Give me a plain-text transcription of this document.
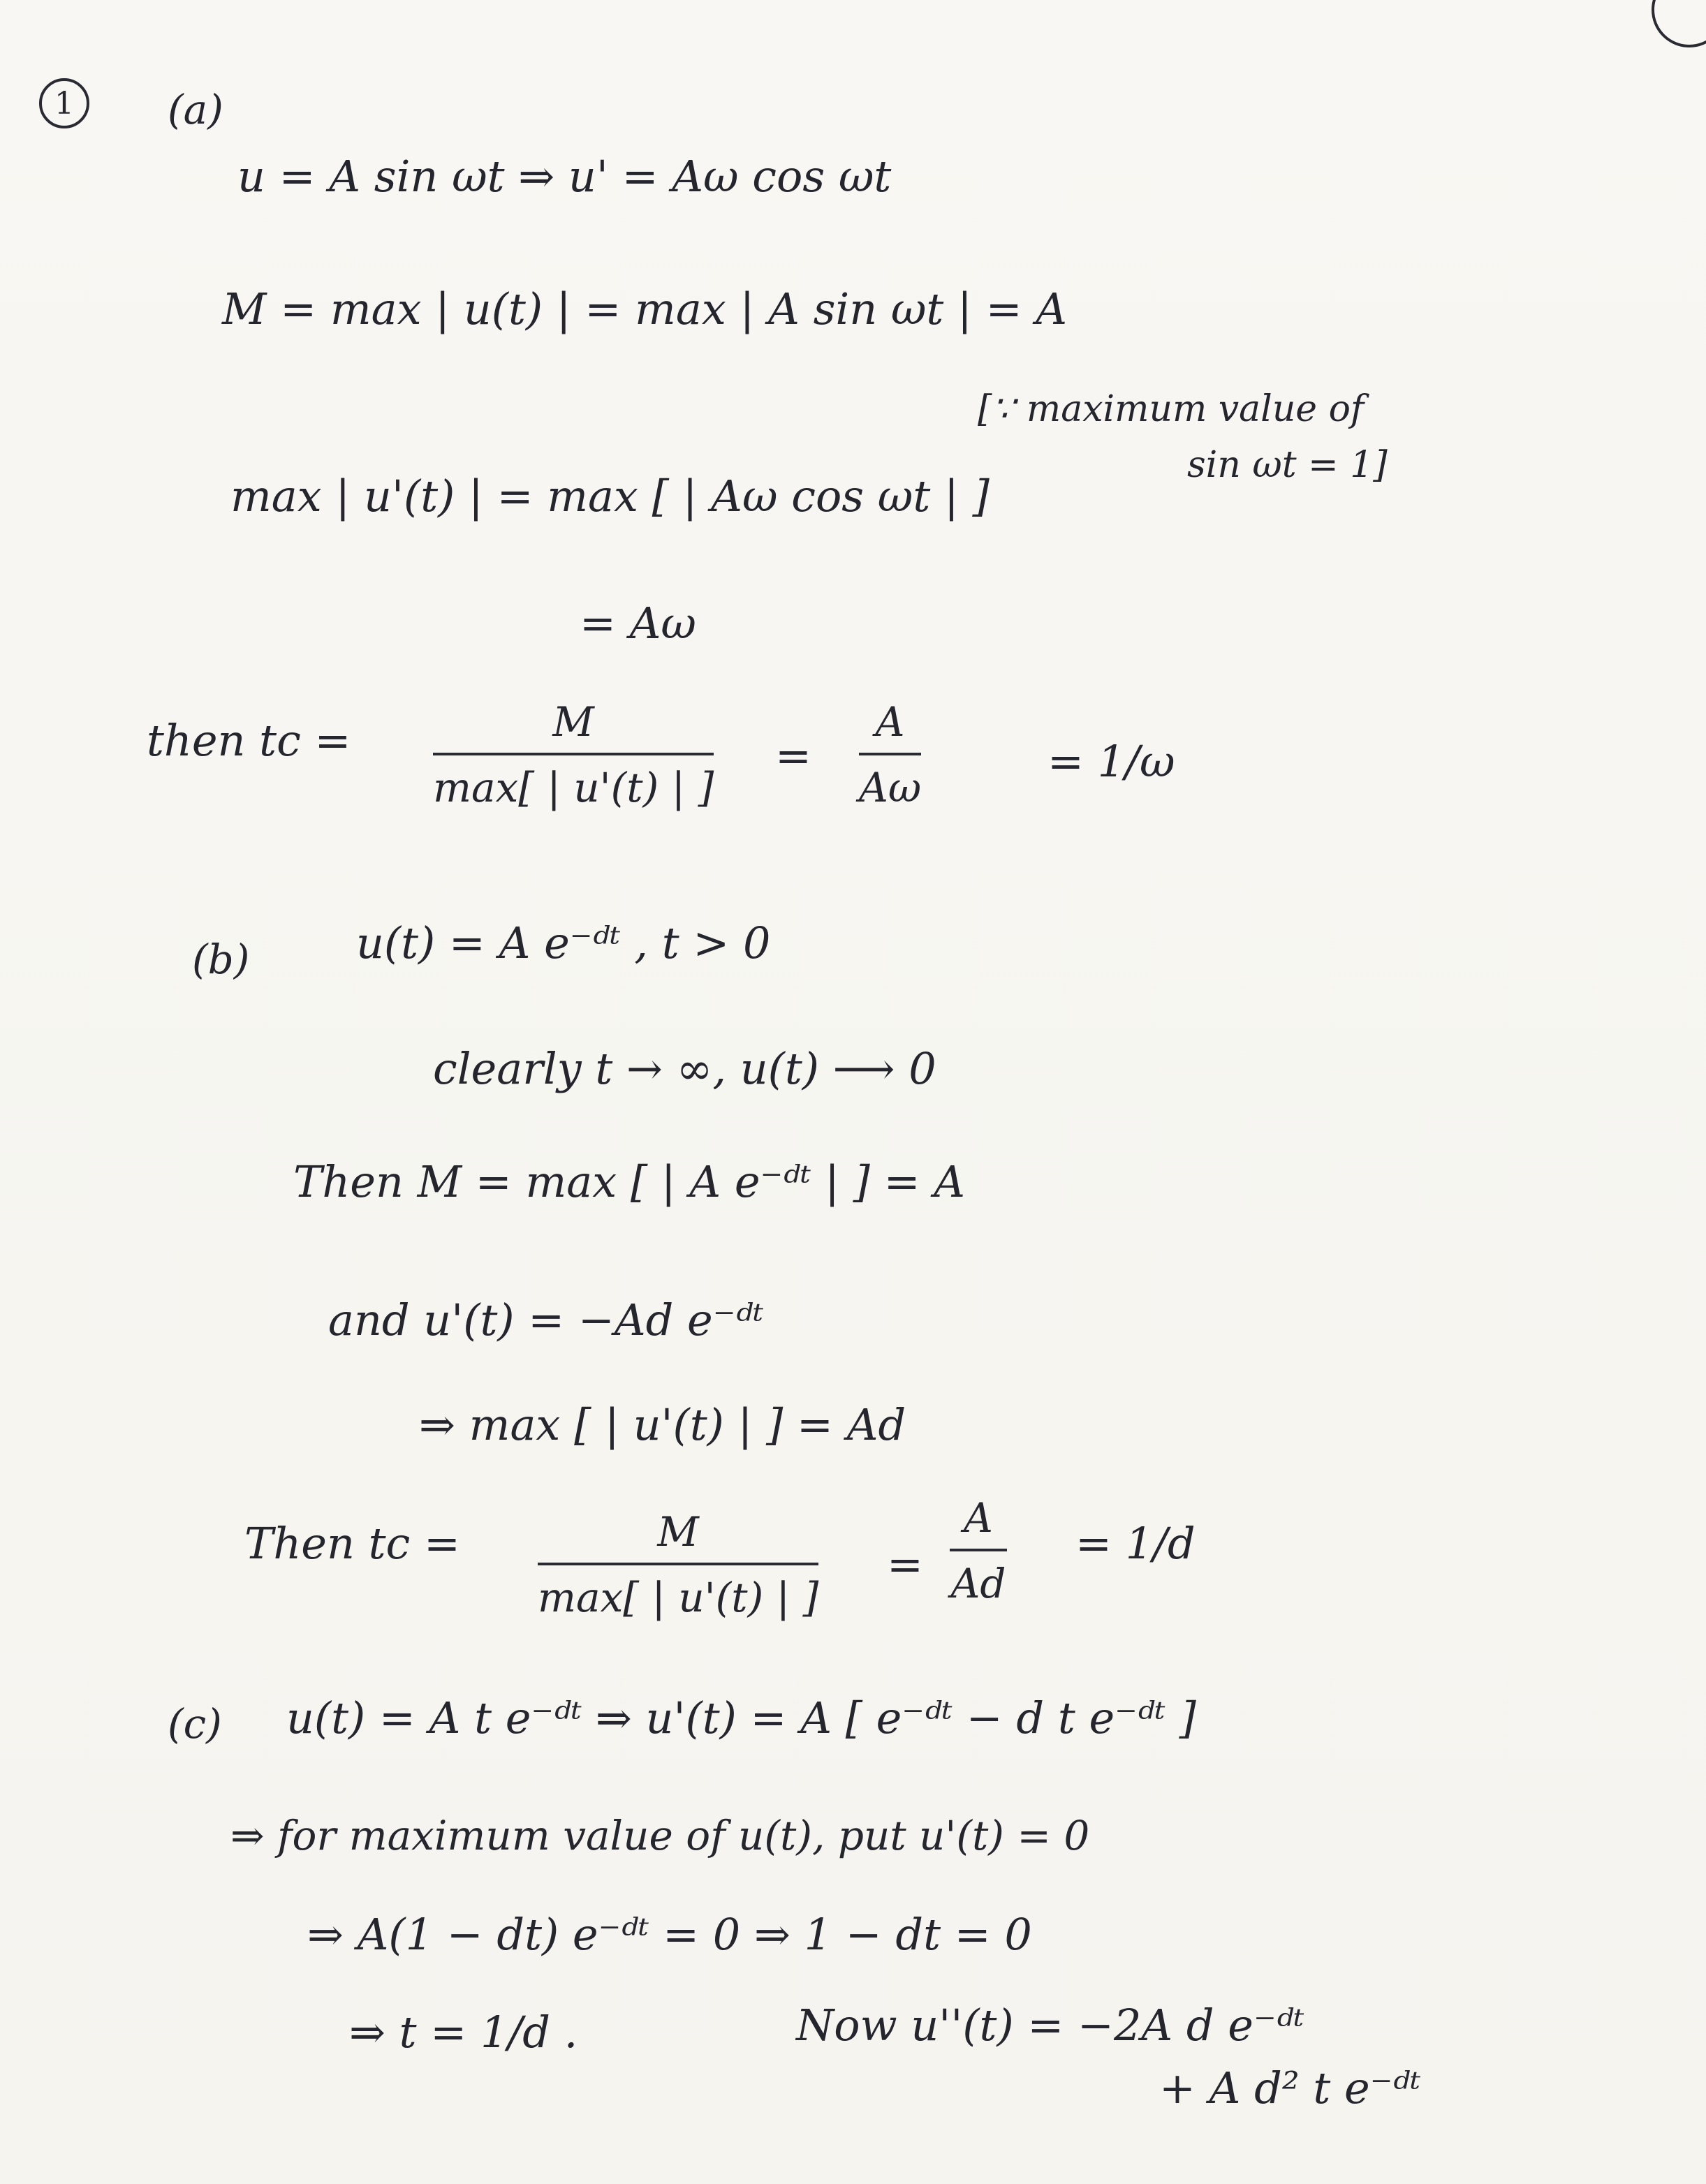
1 (a)
u = A sin ωt ⇒ u' = Aω cos ωt
M = max | u(t) | = max | A sin ωt | = A
[∵ maximum value of
sin ωt = 1]
max | u'(t) | = max [ | Aω cos ωt | ]
= Aω
then tc =	M
max[ | u'(t) | ]
=
A
Aω
= 1/ω
(b) u(t) = A e⁻ᵈᵗ , t > 0
clearly t → ∞, u(t) ⟶ 0
Then M = max [ | A e⁻ᵈᵗ | ] = A
and u'(t) = −Ad e⁻ᵈᵗ
⇒ max [ | u'(t) | ] = Ad
Then tc =	M
max[ | u'(t) | ]
=
A
Ad
= 1/d
(c) u(t) = A t e⁻ᵈᵗ ⇒ u'(t) = A [ e⁻ᵈᵗ − d t e⁻ᵈᵗ ]
⇒ for maximum value of u(t), put u'(t) = 0
⇒ A(1 − dt) e⁻ᵈᵗ = 0 ⇒ 1 − dt = 0
⇒ t = 1/d .	Now u''(t) = −2A d e⁻ᵈᵗ
+ A d² t e⁻ᵈᵗ
